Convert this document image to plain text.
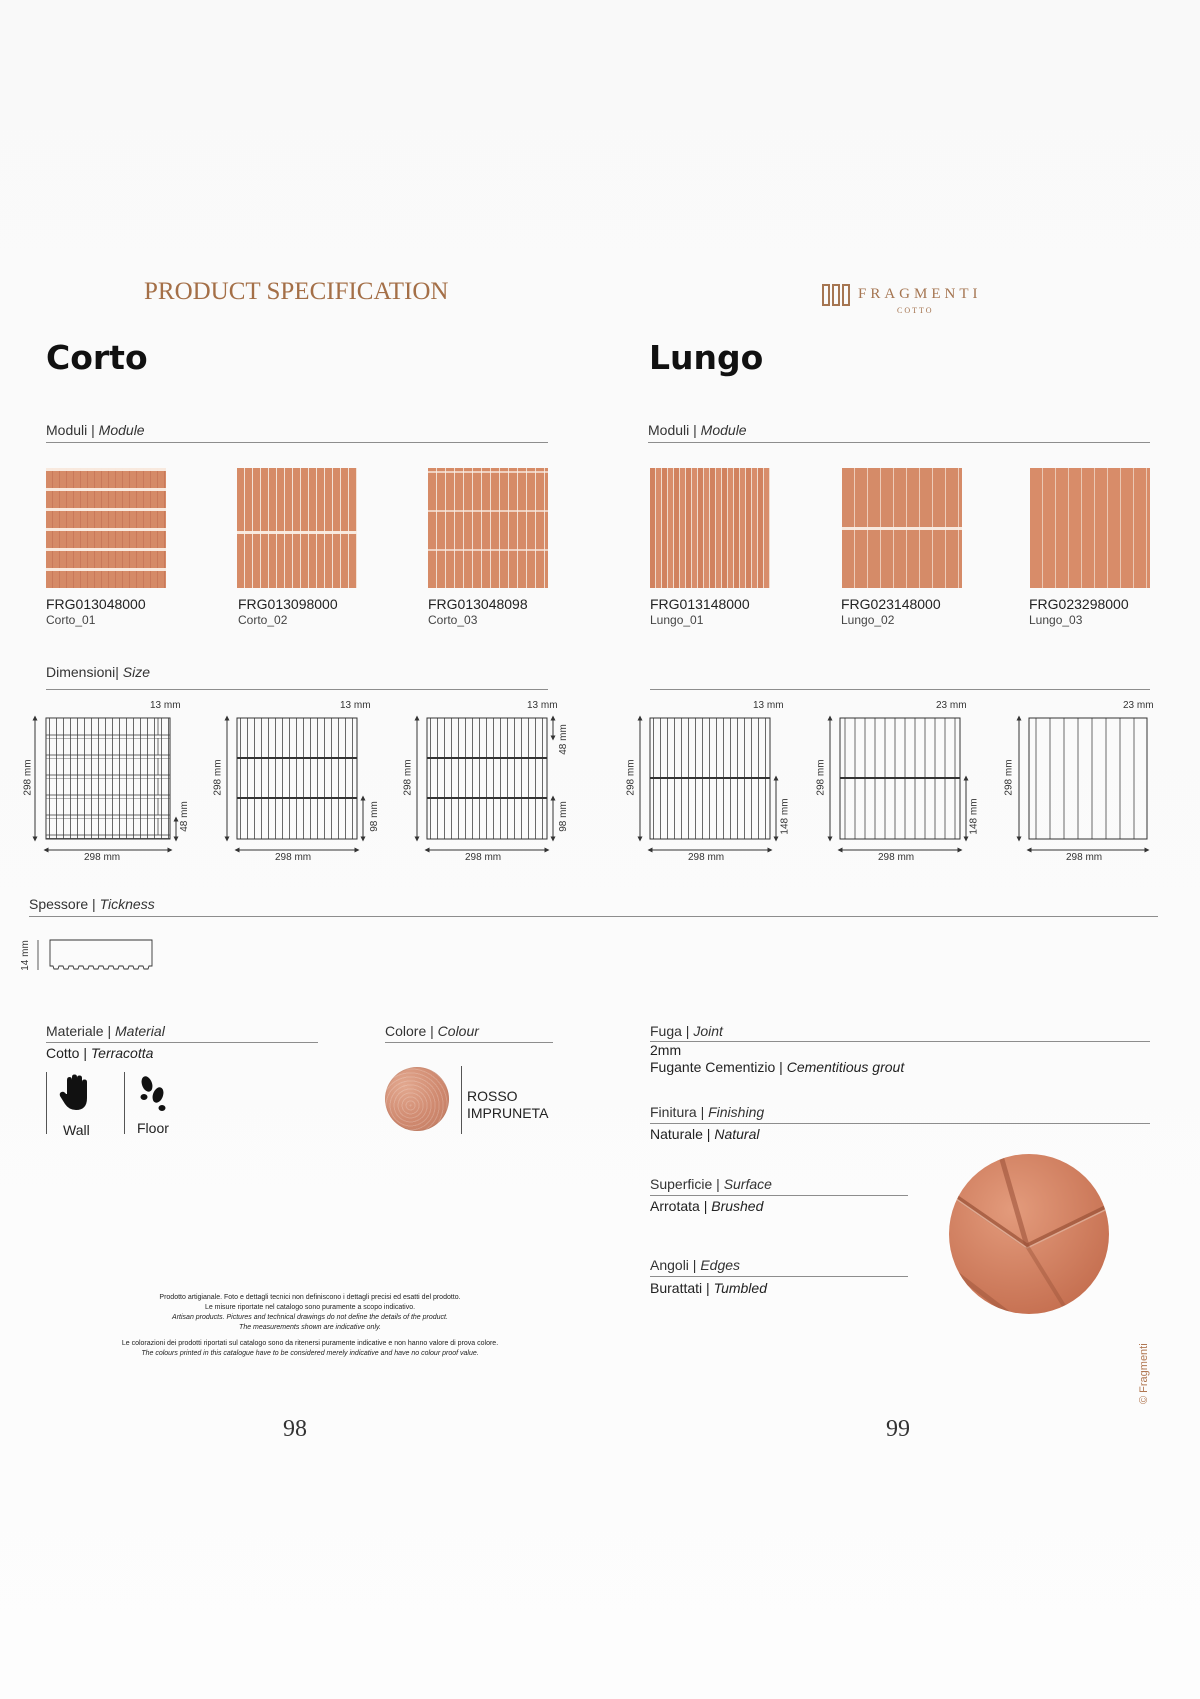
PRODUCT SPECIFICATION	FRAGMENTI
COTTO
Corto	Lungo
Moduli | Module	Moduli | Module
FRG013048000
Corto_01
FRG013098000
Corto_02
FRG013048098
Corto_03
FRG013148000
Lungo_01
FRG023148000
Lungo_02
FRG023298000
Lungo_03
Dimensioni| Size
13 mm	13 mm	13 mm	13 mm	23 mm	23 mm
298 mm	298 mm	298 mm	298 mm	298 mm	298 mm
298 mm	298 mm	298 mm	298 mm	298 mm	298 mm
48 mm	98 mm
48 mm
98 mm	148 mm	148 mm
Spessore | Tickness
14 mm
Materiale | Material
Cotto | Terracotta
Wall	Floor
Colore | Colour
ROSSO
IMPRUNETA
Fuga | Joint
2mm
Fugante Cementizio | Cementitious grout
Finitura | Finishing
Naturale | Natural
Superficie | Surface
Arrotata | Brushed
Angoli | Edges
Burattati | Tumbled
Prodotto artigianale. Foto e dettagli tecnici non definiscono i dettagli precisi ed esatti del prodotto.
Le misure riportate nel catalogo sono puramente a scopo indicativo.
Artisan products. Pictures and technical drawings do not define the details of the product.
The measurements shown are indicative only.
Le colorazioni dei prodotti riportati sul catalogo sono da ritenersi puramente indicative e non hanno valore di prova colore.
The colours printed in this catalogue have to be considered merely indicative and have no colour proof value.
98	99
© Fragmenti
